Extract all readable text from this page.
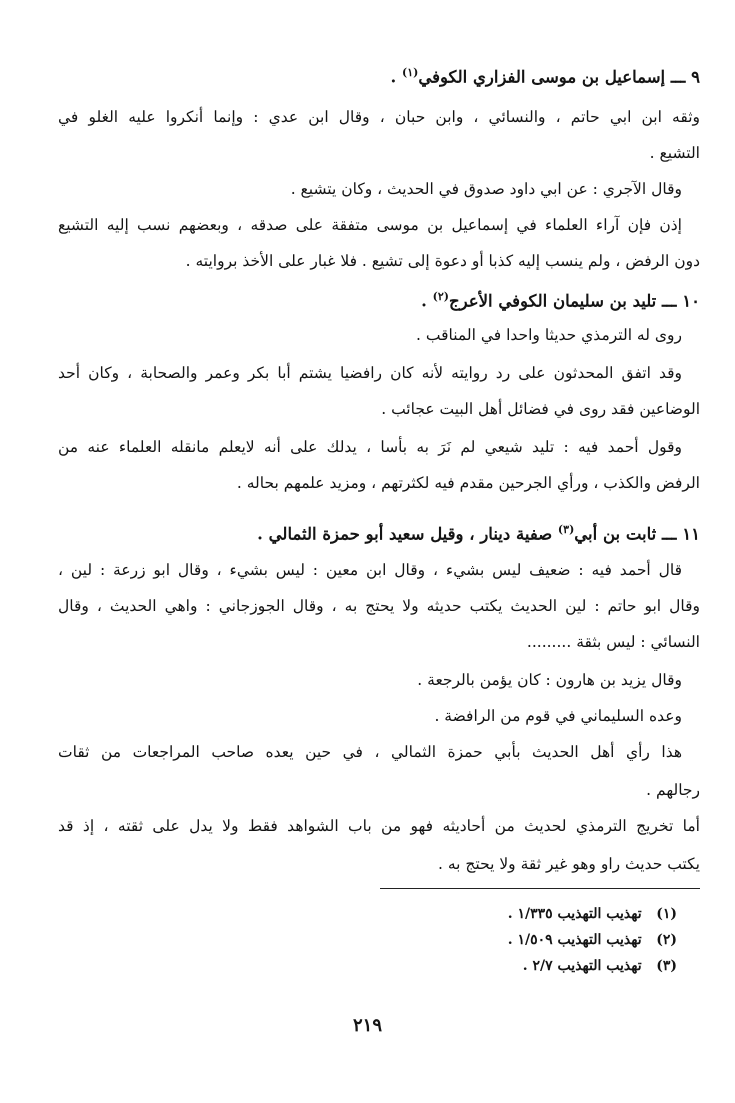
٩ ـــ إسماعيل بن موسى الفزاري الكوفي$^{(١)}$ .
وثقه ابن ابي حاتم ، والنسائي ، وابن حبان ، وقال ابن عدي : وإنما أنكروا عليه الغلو في
التشيع .
وقال الآجري : عن ابي داود صدوق في الحديث ، وكان يتشيع .
إذن فإن آراء العلماء في إسماعيل بن موسى متفقة على صدقه ، وبعضهم نسب إليه التشيع
دون الرفض ، ولم ينسب إليه كذبا أو دعوة إلى تشيع . فلا غبار على الأخذ بروايته .
١٠ ـــ تليد بن سليمان الكوفي الأعرج$^{(٢)}$ .
روى له الترمذي حديثا واحدا في المناقب .
وقد اتفق المحدثون على رد روايته لأنه كان رافضيا يشتم أبا بكر وعمر والصحابة ، وكان أحد
الوضاعين فقد روى في فضائل أهل البيت عجائب .
وقول أحمد فيه : تليد شيعي لم نَرَ به بأسا ، يدلك على أنه لايعلم مانقله العلماء عنه من
الرفض والكذب ، ورأي الجرحين مقدم فيه لكثرتهم ، ومزيد علمهم بحاله .
١١ ـــ ثابت بن أبي$^{(٣)}$ صفية دينار ، وقيل سعيد أبو حمزة الثمالي .
قال أحمد فيه : ضعيف ليس بشيء ، وقال ابن معين : ليس بشيء ، وقال ابو زرعة : لين ،
وقال ابو حاتم : لين الحديث يكتب حديثه ولا يحتج به ، وقال الجوزجاني : واهي الحديث ، وقال
النسائي : ليس بثقة .........
وقال يزيد بن هارون : كان يؤمن بالرجعة .
وعده السليماني في قوم من الرافضة .
هذا رأي أهل الحديث بأبي حمزة الثمالي ، في حين يعده صاحب المراجعات من ثقات
رجالهم .
أما تخريج الترمذي لحديث من أحاديثه فهو من باب الشواهد فقط ولا يدل على ثقته ، إذ قد
يكتب حديث راو وهو غير ثقة ولا يحتج به .
(١)   تهذيب التهذيب ١/٣٣٥ .
(٢)   تهذيب التهذيب ١/٥٠٩ .
(٣)   تهذيب التهذيب ٢/٧ .
٢١٩
